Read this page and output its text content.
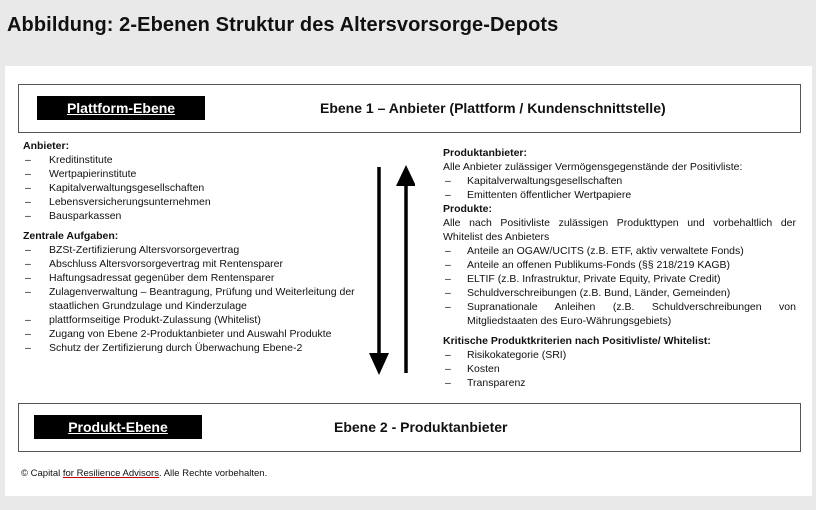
Abbildung: 2-Ebenen Struktur des Altersvorsorge-Depots
Plattform-Ebene	Ebene 1 – Anbieter (Plattform / Kundenschnittstelle)
Anbieter:
– Kreditinstitute
– Wertpapierinstitute
– Kapitalverwaltungsgesellschaften
– Lebensversicherungsunternehmen
– Bausparkassen
Zentrale Aufgaben:
– BZSt-Zertifizierung Altersvorsorgevertrag
– Abschluss Altersvorsorgevertrag mit Rentensparer
– Haftungsadressat gegenüber dem Rentensparer
– Zulagenverwaltung – Beantragung, Prüfung und Weiterleitung der staatlichen Grundzulage und Kinderzulage
– plattformseitige Produkt-Zulassung (Whitelist)
– Zugang von Ebene 2-Produktanbieter und Auswahl Produkte
– Schutz der Zertifizierung durch Überwachung Ebene-2
Produktanbieter:
Alle Anbieter zulässiger Vermögensgegenstände der Positivliste:
– Kapitalverwaltungsgesellschaften
– Emittenten öffentlicher Wertpapiere
Produkte:
Alle nach Positivliste zulässigen Produkttypen und vorbehaltlich der Whitelist des Anbieters
– Anteile an OGAW/UCITS (z.B. ETF, aktiv verwaltete Fonds)
– Anteile an offenen Publikums-Fonds (§§ 218/219 KAGB)
– ELTIF (z.B. Infrastruktur, Private Equity, Private Credit)
– Schuldverschreibungen (z.B. Bund, Länder, Gemeinden)
– Supranationale Anleihen (z.B. Schuldverschreibungen von Mitgliedstaaten des Euro-Währungsgebiets)
Kritische Produktkriterien nach Positivliste/ Whitelist:
– Risikokategorie (SRI)
– Kosten
– Transparenz
Produkt-Ebene	Ebene 2 - Produktanbieter
© Capital for Resilience Advisors. Alle Rechte vorbehalten.
